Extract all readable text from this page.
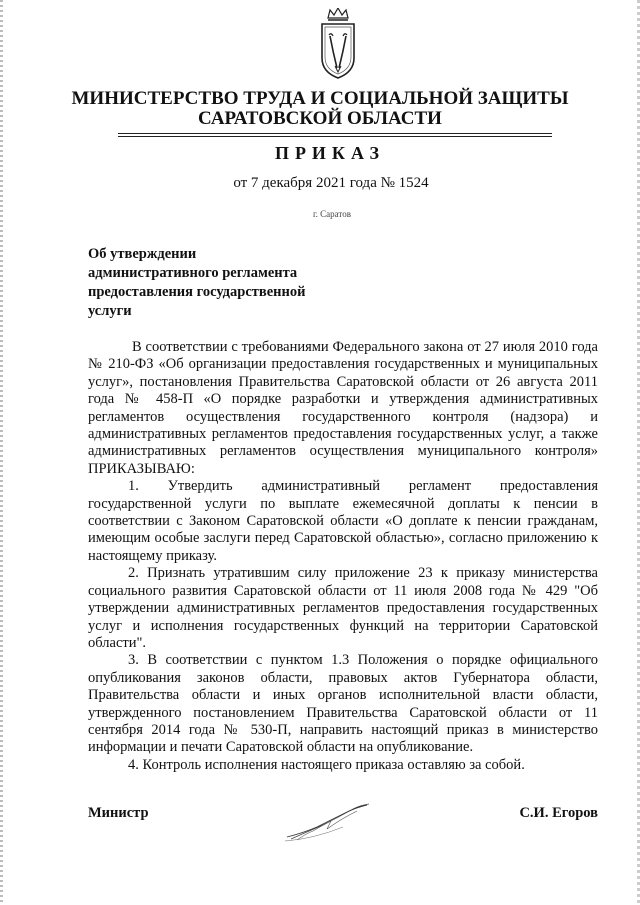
МИНИСТЕРСТВО ТРУДА И СОЦИАЛЬНОЙ ЗАЩИТЫ
САРАТОВСКОЙ ОБЛАСТИ
ПРИКАЗ
от 7 декабря 2021 года № 1524
г. Саратов
Об утверждении
административного регламента
предоставления государственной
услуги

В соответствии с требованиями Федерального закона от 27 июля 2010 года № 210-ФЗ «Об организации предоставления государственных и муниципальных услуг», постановления Правительства Саратовской области от 26 августа 2011 года № 458-П «О порядке разработки и утверждения административных регламентов осуществления государственного контроля (надзора) и административных регламентов предоставления государственных услуг, а также административных регламентов осуществления муниципального контроля» ПРИКАЗЫВАЮ:

1. Утвердить административный регламент предоставления государственной услуги по выплате ежемесячной доплаты к пенсии в соответствии с Законом Саратовской области «О доплате к пенсии гражданам, имеющим особые заслуги перед Саратовской областью», согласно приложению к настоящему приказу.

2. Признать утратившим силу приложение 23 к приказу министерства социального развития Саратовской области от 11 июля 2008 года № 429 "Об утверждении административных регламентов предоставления государственных услуг и исполнения государственных функций на территории Саратовской области".

3. В соответствии с пунктом 1.3 Положения о порядке официального опубликования законов области, правовых актов Губернатора области, Правительства области и иных органов исполнительной власти области, утвержденного постановлением Правительства Саратовской области от 11 сентября 2014 года № 530-П, направить настоящий приказ в министерство информации и печати Саратовской области на опубликование.

4. Контроль исполнения настоящего приказа оставляю за собой.

Министр	С.И. Егоров
